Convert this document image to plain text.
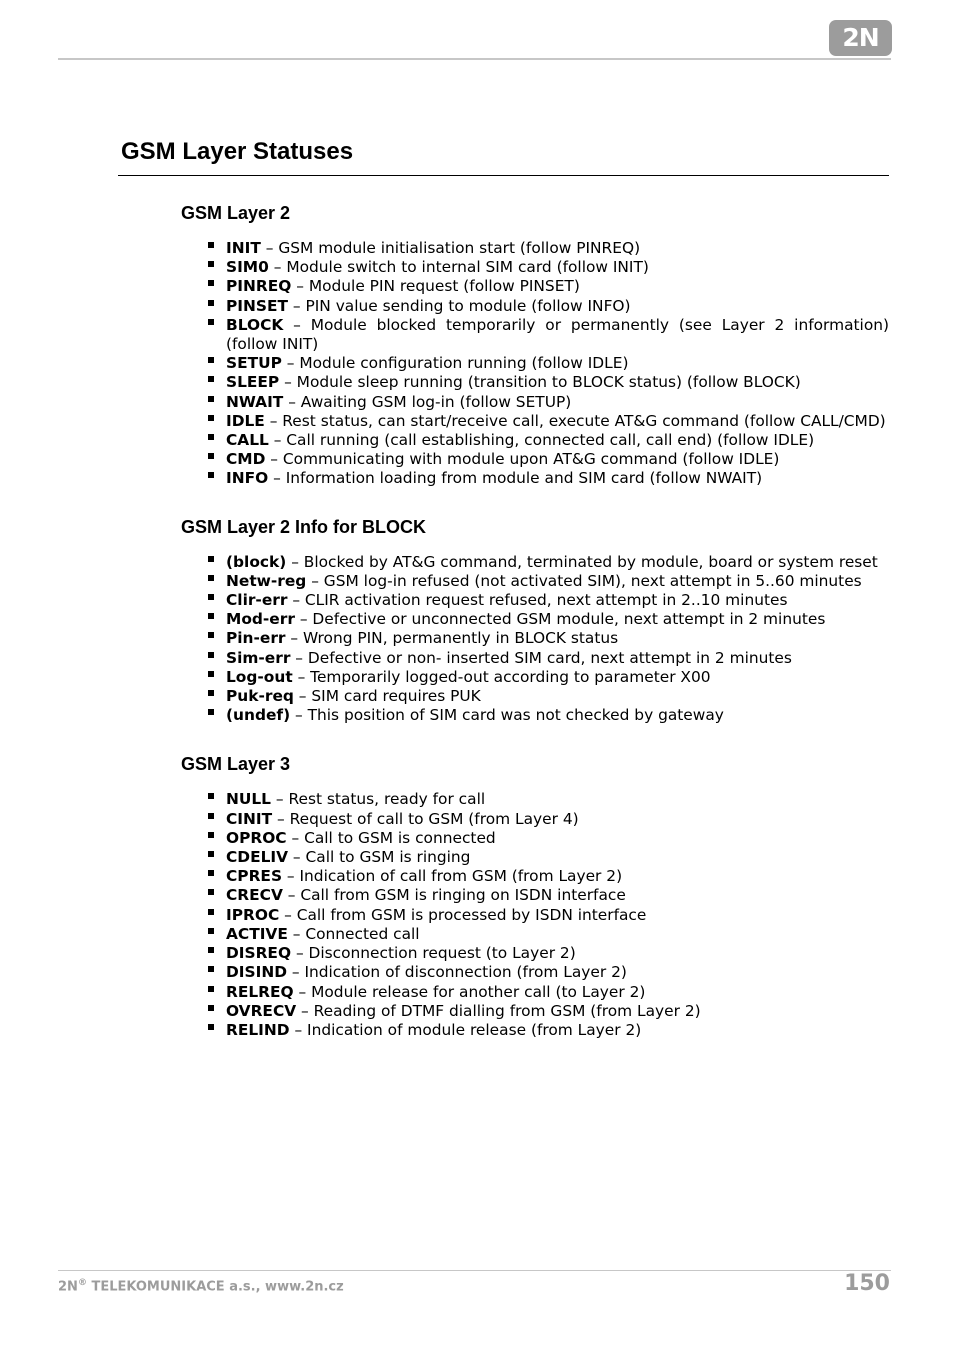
2N
GSM Layer Statuses
GSM Layer 2
INIT – GSM module initialisation start (follow PINREQ)
SIM0 – Module switch to internal SIM card (follow INIT)
PINREQ – Module PIN request (follow PINSET)
PINSET – PIN value sending to module (follow INFO)
BLOCK – Module blocked temporarily or permanently (see Layer 2 information) (follow INIT)
SETUP – Module configuration running (follow IDLE)
SLEEP – Module sleep running (transition to BLOCK status) (follow BLOCK)
NWAIT – Awaiting GSM log-in (follow SETUP)
IDLE – Rest status, can start/receive call, execute AT&G command (follow CALL/CMD)
CALL – Call running (call establishing, connected call, call end) (follow IDLE)
CMD – Communicating with module upon AT&G command (follow IDLE)
INFO – Information loading from module and SIM card (follow NWAIT)
GSM Layer 2 Info for BLOCK
(block) – Blocked by AT&G command, terminated by module, board or system reset
Netw-reg – GSM log-in refused (not activated SIM), next attempt in 5..60 minutes
Clir-err – CLIR activation request refused, next attempt in 2..10 minutes
Mod-err – Defective or unconnected GSM module, next attempt in 2 minutes
Pin-err – Wrong PIN, permanently in BLOCK status
Sim-err – Defective or non- inserted SIM card, next attempt in 2 minutes
Log-out – Temporarily logged-out according to parameter X00
Puk-req – SIM card requires PUK
(undef) – This position of SIM card was not checked by gateway
GSM Layer 3
NULL – Rest status, ready for call
CINIT – Request of call to GSM (from Layer 4)
OPROC – Call to GSM is connected
CDELIV – Call to GSM is ringing
CPRES – Indication of call from GSM (from Layer 2)
CRECV – Call from GSM is ringing on ISDN interface
IPROC – Call from GSM is processed by ISDN interface
ACTIVE – Connected call
DISREQ – Disconnection request (to Layer 2)
DISIND – Indication of disconnection (from Layer 2)
RELREQ – Module release for another call (to Layer 2)
OVRECV – Reading of DTMF dialling from GSM (from Layer 2)
RELIND – Indication of module release (from Layer 2)
2N® TELEKOMUNIKACE a.s., www.2n.cz	150
